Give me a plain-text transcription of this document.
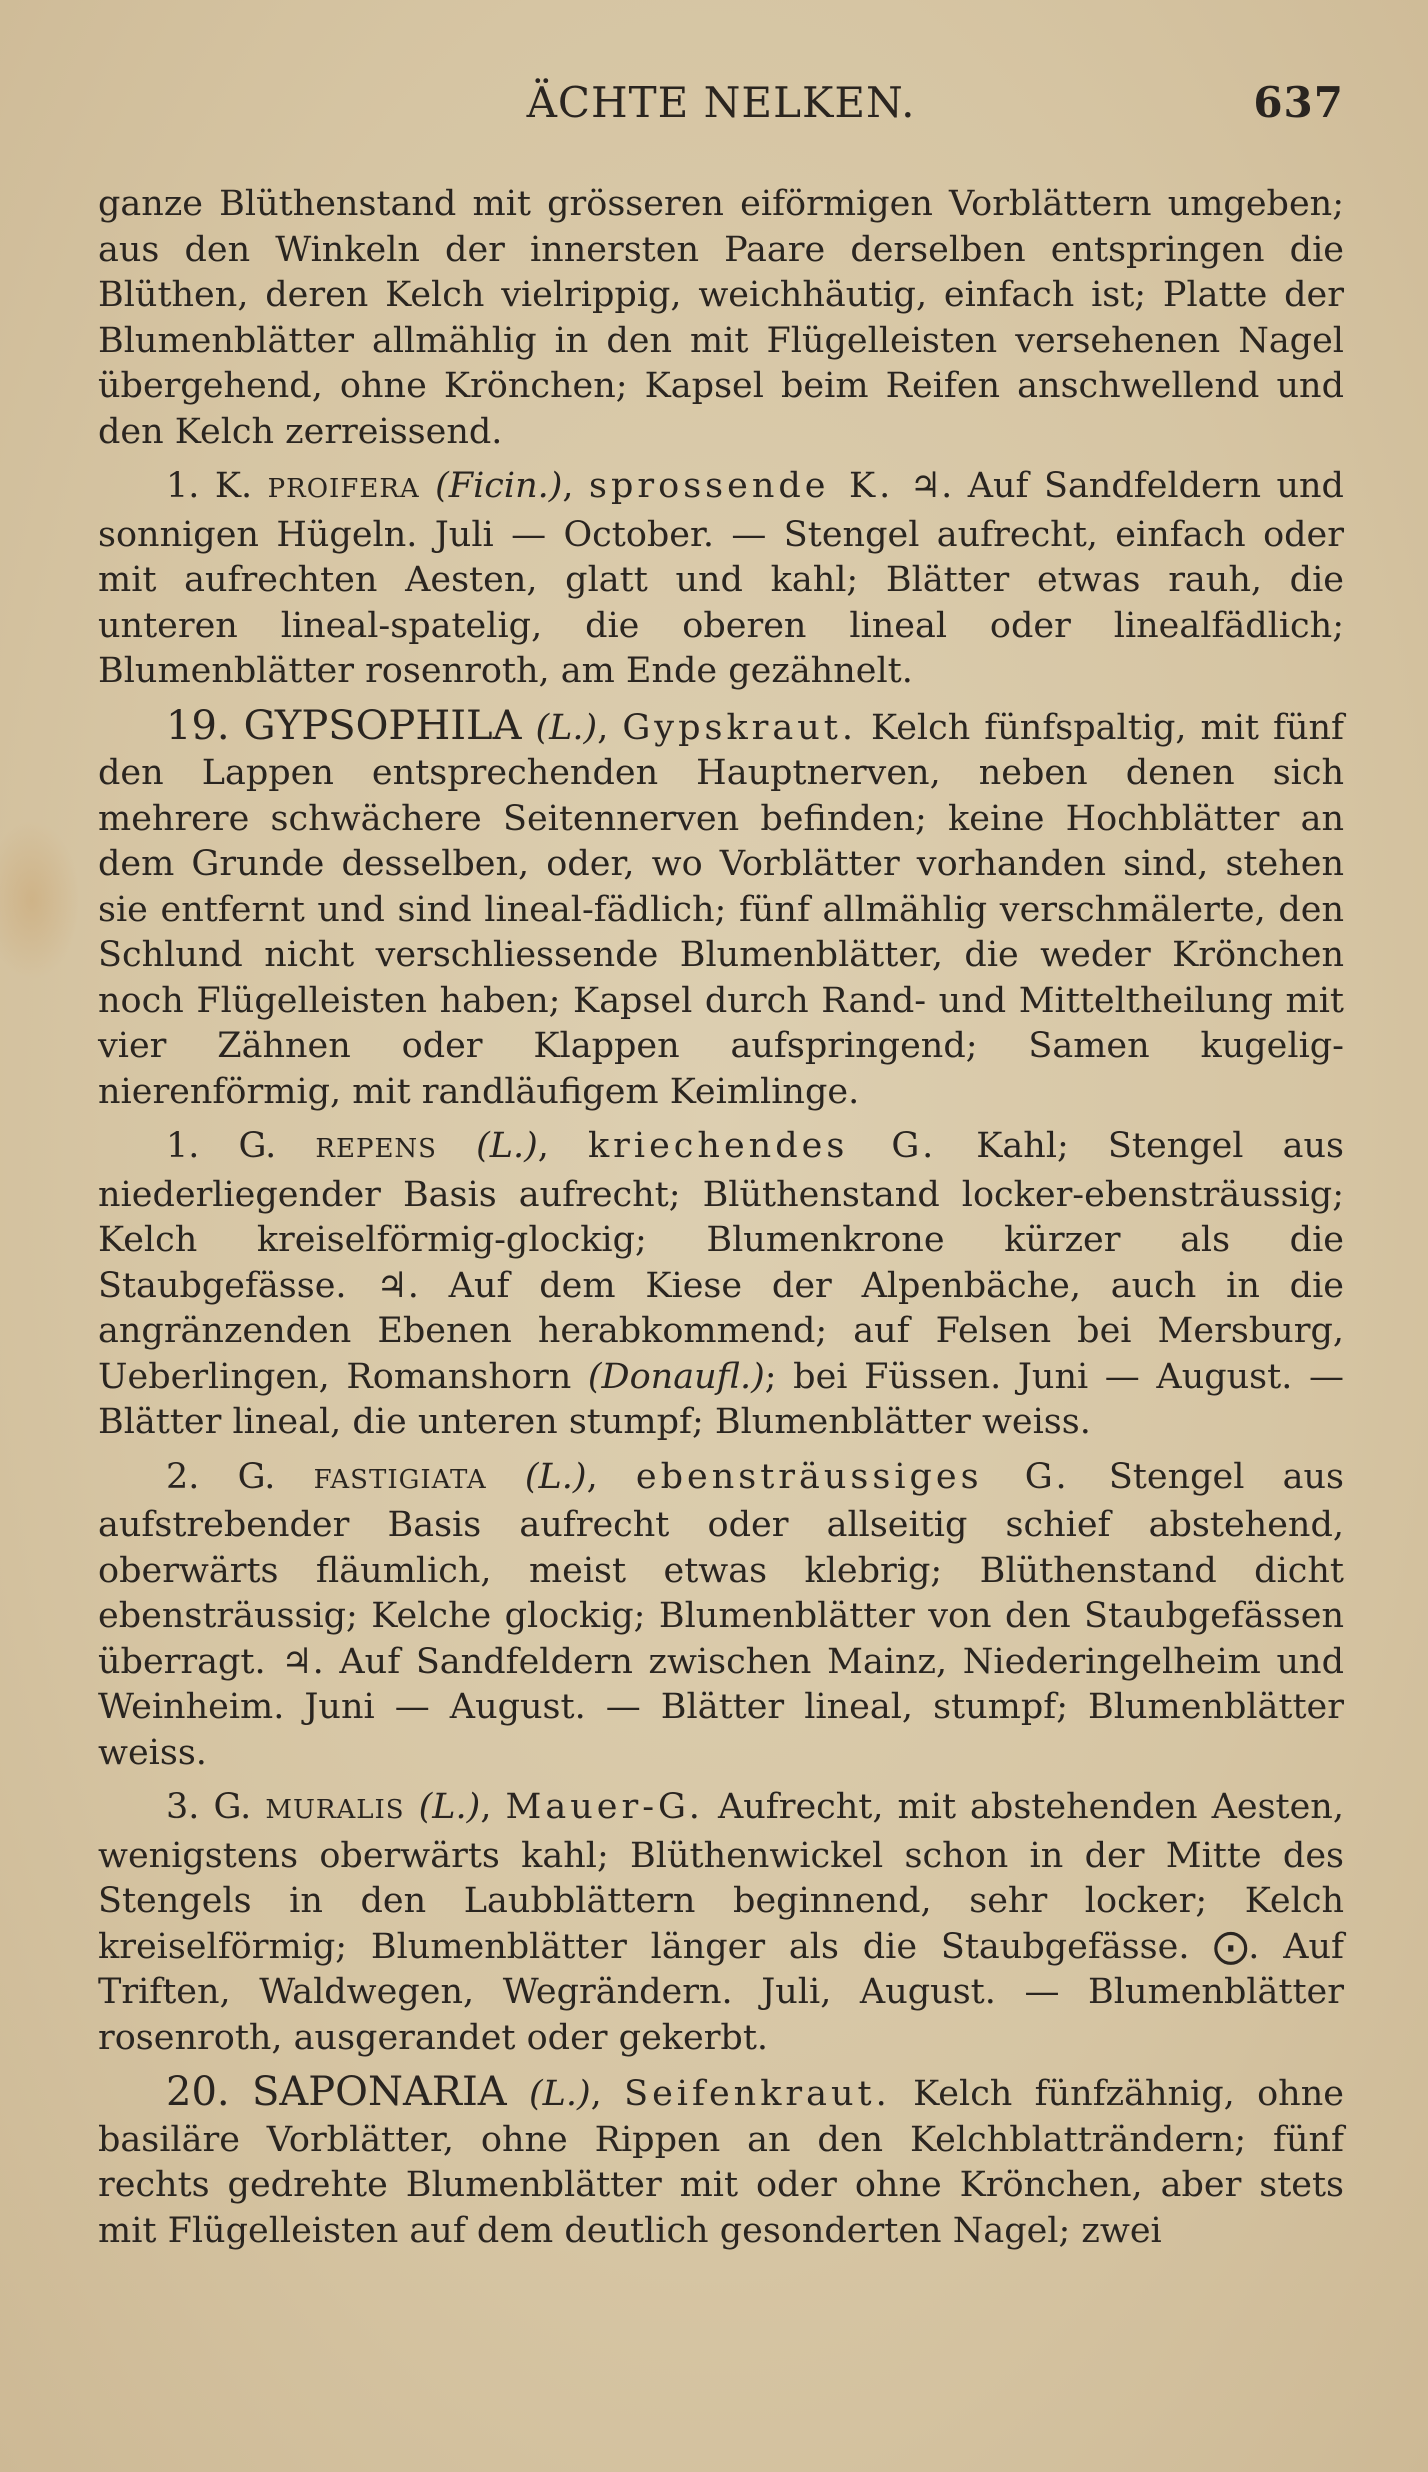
ÄCHTE NELKEN.	637

ganze Blüthenstand mit grösseren eiförmigen Vorblättern umgeben; aus den Winkeln der innersten Paare derselben entspringen die Blüthen, deren Kelch vielrippig, weichhäutig, einfach ist; Platte der Blumenblätter allmählig in den mit Flügelleisten versehenen Nagel übergehend, ohne Krönchen; Kapsel beim Reifen anschwellend und den Kelch zerreissend.

1. K. PROIFERA (Ficin.), sprossende K. ♃. Auf Sandfeldern und sonnigen Hügeln. Juli — October. — Stengel aufrecht, einfach oder mit aufrechten Aesten, glatt und kahl; Blätter etwas rauh, die unteren lineal-spatelig, die oberen lineal oder linealfädlich; Blumenblätter rosenroth, am Ende gezähnelt.

19. GYPSOPHILA (L.), Gypskraut. Kelch fünfspaltig, mit fünf den Lappen entsprechenden Hauptnerven, neben denen sich mehrere schwächere Seitennerven befinden; keine Hochblätter an dem Grunde desselben, oder, wo Vorblätter vorhanden sind, stehen sie entfernt und sind lineal-fädlich; fünf allmählig verschmälerte, den Schlund nicht verschliessende Blumenblätter, die weder Krönchen noch Flügelleisten haben; Kapsel durch Rand- und Mitteltheilung mit vier Zähnen oder Klappen aufspringend; Samen kugelig-nierenförmig, mit randläufigem Keimlinge.

1. G. REPENS (L.), kriechendes G. Kahl; Stengel aus niederliegender Basis aufrecht; Blüthenstand locker-ebensträussig; Kelch kreiselförmig-glockig; Blumenkrone kürzer als die Staubgefässe. ♃. Auf dem Kiese der Alpenbäche, auch in die angränzenden Ebenen herabkommend; auf Felsen bei Mersburg, Ueberlingen, Romanshorn (Donaufl.); bei Füssen. Juni — August. — Blätter lineal, die unteren stumpf; Blumenblätter weiss.

2. G. FASTIGIATA (L.), ebensträussiges G. Stengel aus aufstrebender Basis aufrecht oder allseitig schief abstehend, oberwärts fläumlich, meist etwas klebrig; Blüthenstand dicht ebensträussig; Kelche glockig; Blumenblätter von den Staubgefässen überragt. ♃. Auf Sandfeldern zwischen Mainz, Niederingelheim und Weinheim. Juni — August. — Blätter lineal, stumpf; Blumenblätter weiss.

3. G. MURALIS (L.), Mauer-G. Aufrecht, mit abstehenden Aesten, wenigstens oberwärts kahl; Blüthenwickel schon in der Mitte des Stengels in den Laubblättern beginnend, sehr locker; Kelch kreiselförmig; Blumenblätter länger als die Staubgefässe. ⨀. Auf Triften, Waldwegen, Wegrändern. Juli, August. — Blumenblätter rosenroth, ausgerandet oder gekerbt.

20. SAPONARIA (L.), Seifenkraut. Kelch fünfzähnig, ohne basiläre Vorblätter, ohne Rippen an den Kelchblatträndern; fünf rechts gedrehte Blumenblätter mit oder ohne Krönchen, aber stets mit Flügelleisten auf dem deutlich gesonderten Nagel; zwei
